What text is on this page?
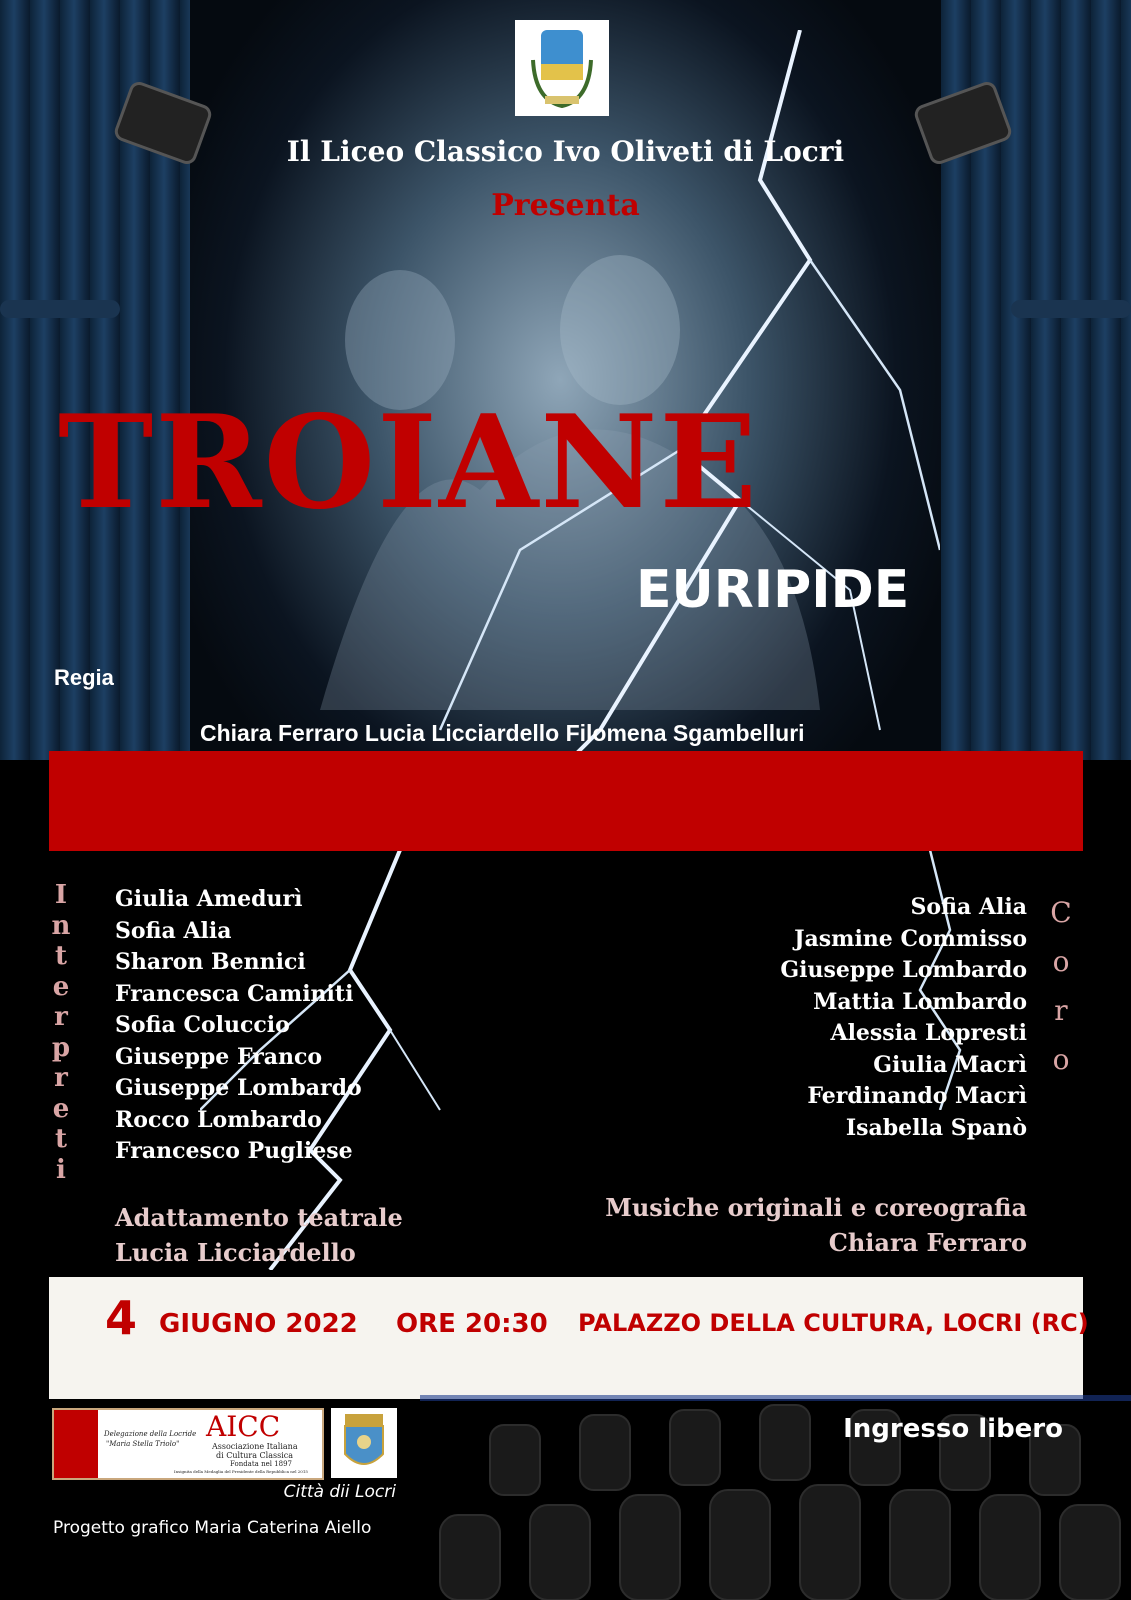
Il Liceo Classico Ivo Oliveti di Locri
Presenta
TROIANE
EURIPIDE
Regia
Chiara Ferraro Lucia Licciardello Filomena Sgambelluri
I
n
t
e
r
p
r
e
t
i
C
o
r
o
Giulia Amedurì
Sofia Alia
Sharon Bennici
Francesca Caminiti
Sofia Coluccio
Giuseppe Franco
Giuseppe Lombardo
Rocco Lombardo
Francesco Pugliese
Sofia Alia
Jasmine Commisso
Giuseppe Lombardo
Mattia Lombardo
Alessia Lopresti
Giulia Macrì
Ferdinando Macrì
Isabella Spanò
Adattamento teatrale
Lucia Licciardello
Musiche originali e coreografia
Chiara Ferraro
4 GIUGNO 2022 ORE 20:30 PALAZZO DELLA CULTURA, LOCRI (RC)
Ingresso libero
Delegazione della Locride
"Maria Stella Triolo"
AICC
Associazione Italiana
di Cultura Classica
Fondata nel 1897
Insignita della Medaglia del Presidente della Repubblica nel 2015
Città dii Locri
Progetto grafico Maria Caterina Aiello
